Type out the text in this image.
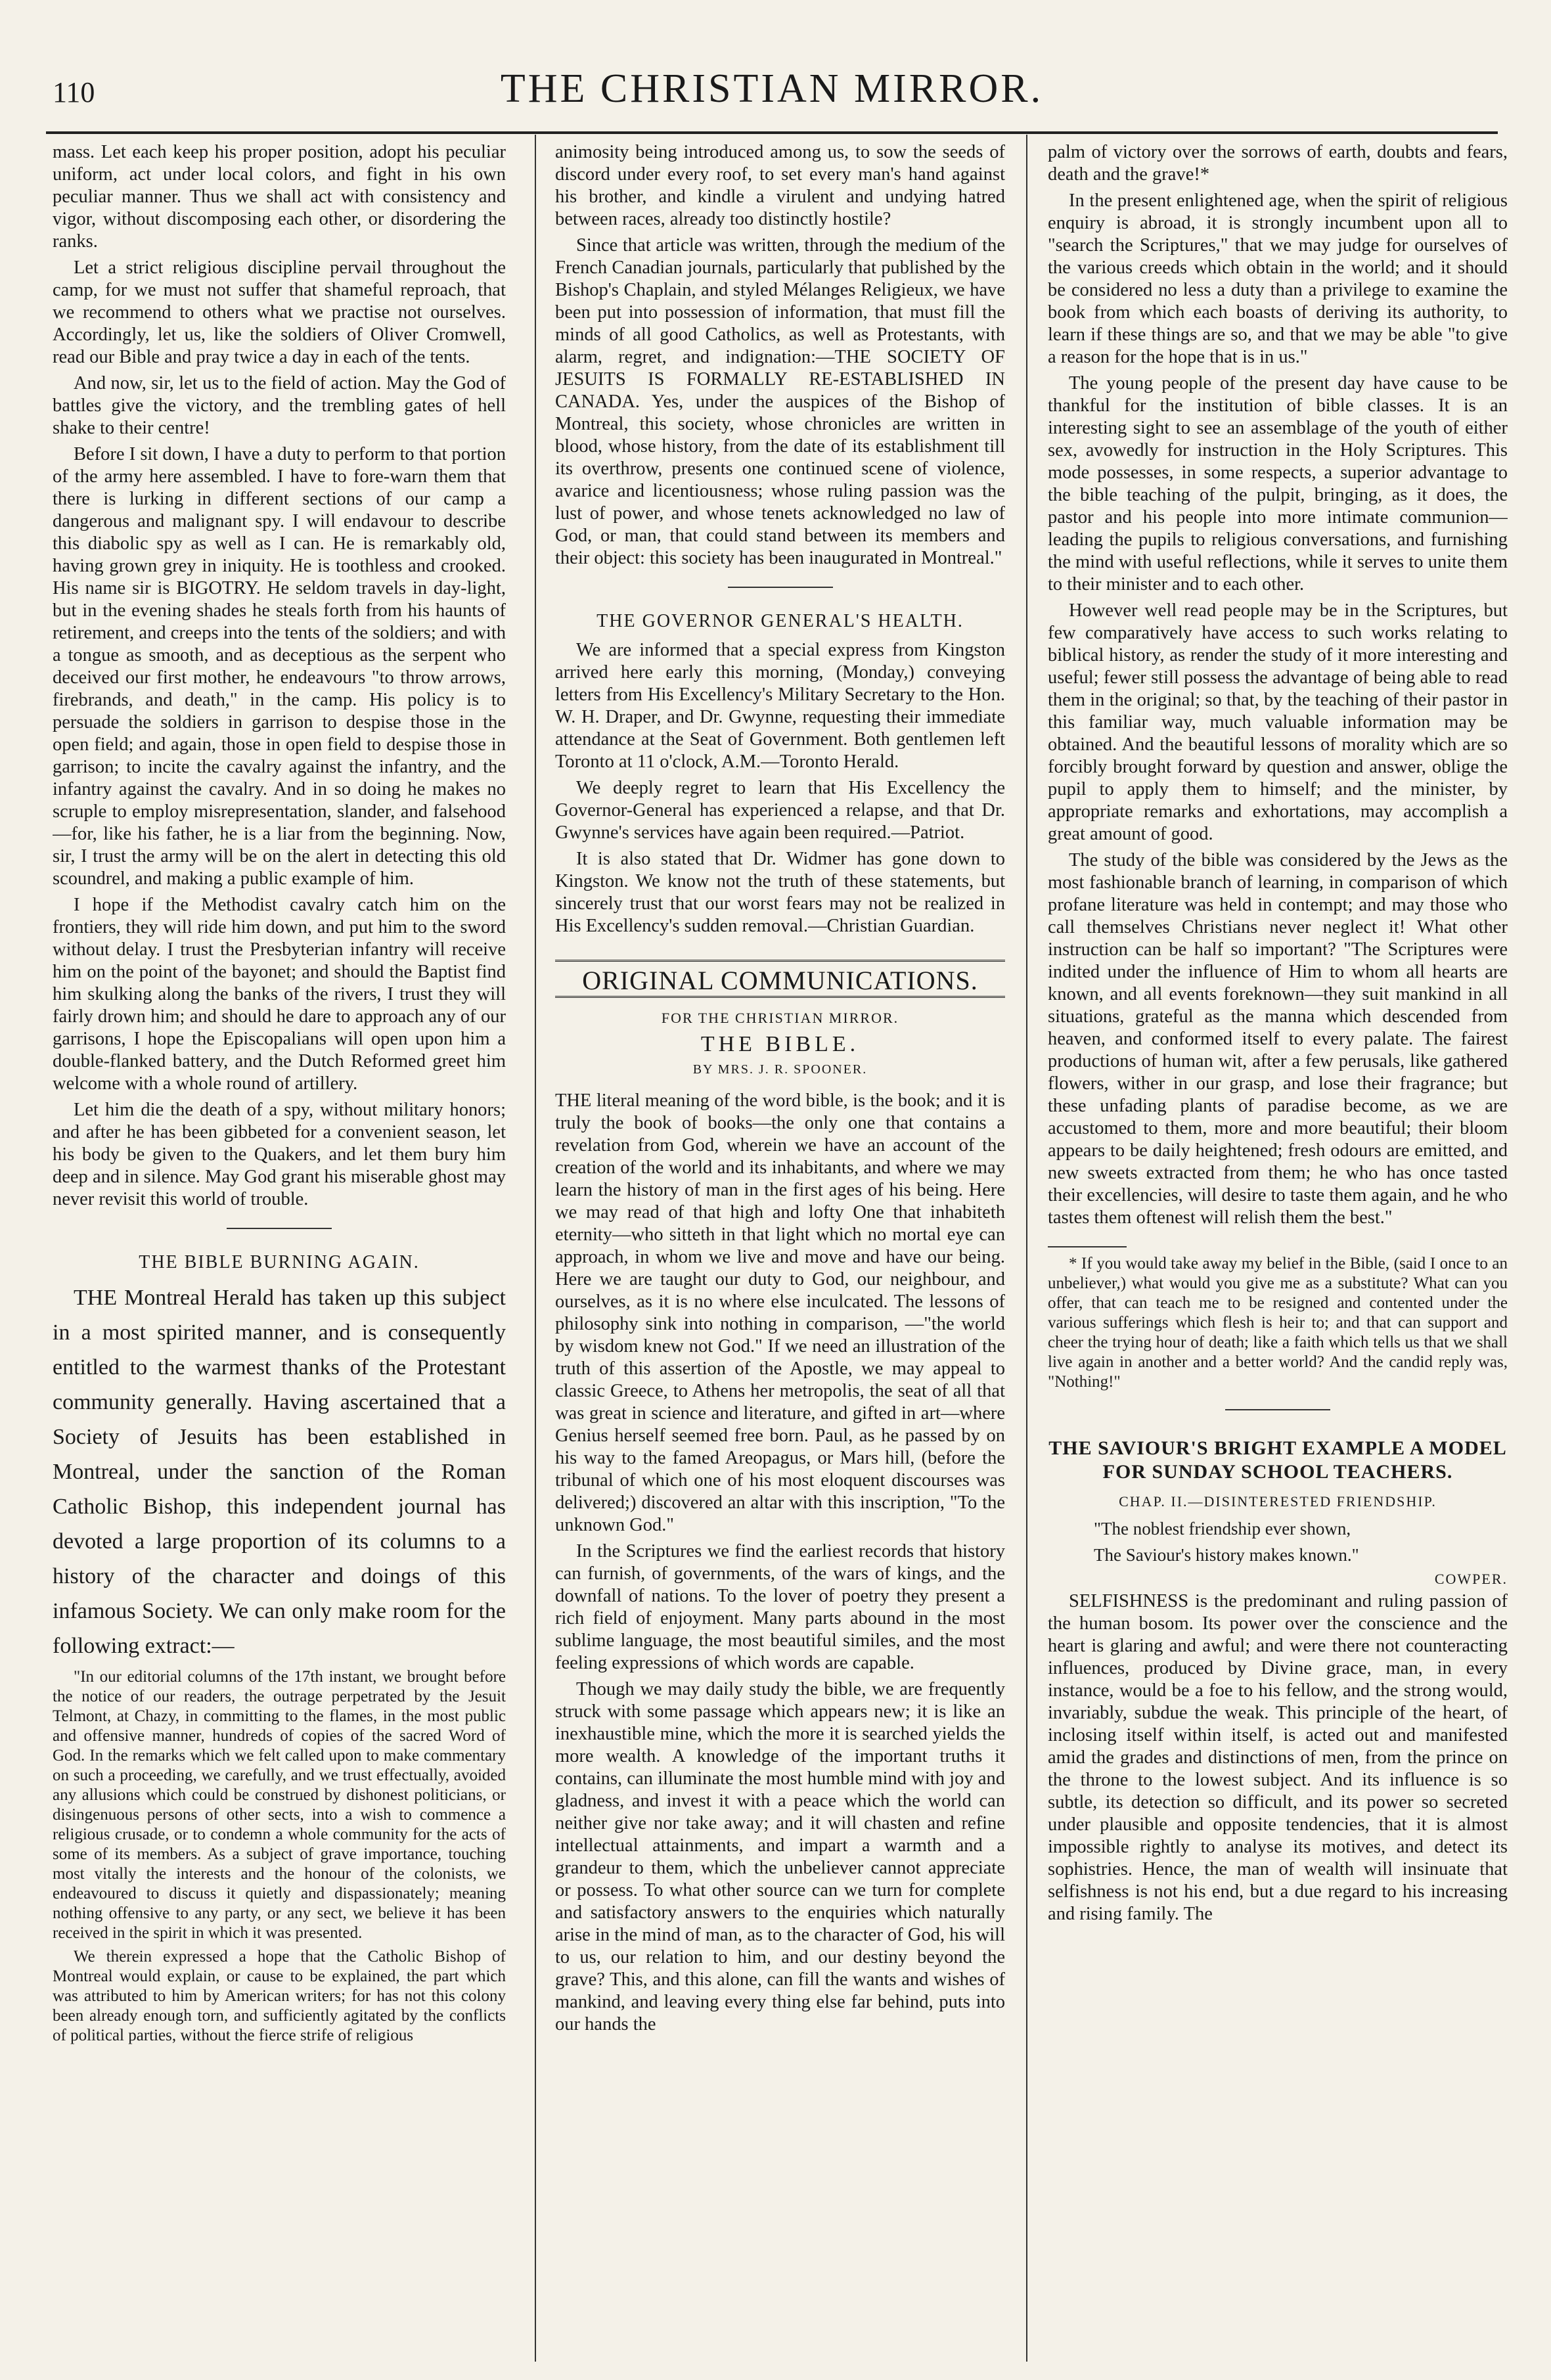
110	THE CHRISTIAN MIRROR.

mass. Let each keep his proper position, adopt his peculiar uniform, act under local colors, and fight in his own peculiar manner. Thus we shall act with consistency and vigor, without discomposing each other, or disordering the ranks.

Let a strict religious discipline pervail throughout the camp, for we must not suffer that shameful reproach, that we recommend to others what we practise not ourselves. Accordingly, let us, like the soldiers of Oliver Cromwell, read our Bible and pray twice a day in each of the tents.

And now, sir, let us to the field of action. May the God of battles give the victory, and the trembling gates of hell shake to their centre!

Before I sit down, I have a duty to perform to that portion of the army here assembled. I have to fore-warn them that there is lurking in different sections of our camp a dangerous and malignant spy. I will endavour to describe this diabolic spy as well as I can. He is remarkably old, having grown grey in iniquity. He is toothless and crooked. His name sir is BIGOTRY. He seldom travels in day-light, but in the evening shades he steals forth from his haunts of retirement, and creeps into the tents of the soldiers; and with a tongue as smooth, and as deceptious as the serpent who deceived our first mother, he endeavours "to throw arrows, firebrands, and death," in the camp. His policy is to persuade the soldiers in garrison to despise those in the open field; and again, those in open field to despise those in garrison; to incite the cavalry against the infantry, and the infantry against the cavalry. And in so doing he makes no scruple to employ misrepresentation, slander, and falsehood—for, like his father, he is a liar from the beginning. Now, sir, I trust the army will be on the alert in detecting this old scoundrel, and making a public example of him.

I hope if the Methodist cavalry catch him on the frontiers, they will ride him down, and put him to the sword without delay. I trust the Presbyterian infantry will receive him on the point of the bayonet; and should the Baptist find him skulking along the banks of the rivers, I trust they will fairly drown him; and should he dare to approach any of our garrisons, I hope the Episcopalians will open upon him a double-flanked battery, and the Dutch Reformed greet him welcome with a whole round of artillery.

Let him die the death of a spy, without military honors; and after he has been gibbeted for a convenient season, let his body be given to the Quakers, and let them bury him deep and in silence. May God grant his miserable ghost may never revisit this world of trouble.

THE BIBLE BURNING AGAIN.

THE Montreal Herald has taken up this subject in a most spirited manner, and is consequently entitled to the warmest thanks of the Protestant community generally. Having ascertained that a Society of Jesuits has been established in Montreal, under the sanction of the Roman Catholic Bishop, this independent journal has devoted a large proportion of its columns to a history of the character and doings of this infamous Society. We can only make room for the following extract:—

"In our editorial columns of the 17th instant, we brought before the notice of our readers, the outrage perpetrated by the Jesuit Telmont, at Chazy, in committing to the flames, in the most public and offensive manner, hundreds of copies of the sacred Word of God. In the remarks which we felt called upon to make commentary on such a proceeding, we carefully, and we trust effectually, avoided any allusions which could be construed by dishonest politicians, or disingenuous persons of other sects, into a wish to commence a religious crusade, or to condemn a whole community for the acts of some of its members. As a subject of grave importance, touching most vitally the interests and the honour of the colonists, we endeavoured to discuss it quietly and dispassionately; meaning nothing offensive to any party, or any sect, we believe it has been received in the spirit in which it was presented.

We therein expressed a hope that the Catholic Bishop of Montreal would explain, or cause to be explained, the part which was attributed to him by American writers; for has not this colony been already enough torn, and sufficiently agitated by the conflicts of political parties, without the fierce strife of religious

animosity being introduced among us, to sow the seeds of discord under every roof, to set every man's hand against his brother, and kindle a virulent and undying hatred between races, already too distinctly hostile?

Since that article was written, through the medium of the French Canadian journals, particularly that published by the Bishop's Chaplain, and styled Mélanges Religieux, we have been put into possession of information, that must fill the minds of all good Catholics, as well as Protestants, with alarm, regret, and indignation:—THE SOCIETY OF JESUITS IS FORMALLY RE-ESTABLISHED IN CANADA. Yes, under the auspices of the Bishop of Montreal, this society, whose chronicles are written in blood, whose history, from the date of its establishment till its overthrow, presents one continued scene of violence, avarice and licentiousness; whose ruling passion was the lust of power, and whose tenets acknowledged no law of God, or man, that could stand between its members and their object: this society has been inaugurated in Montreal."

THE GOVERNOR GENERAL'S HEALTH.

We are informed that a special express from Kingston arrived here early this morning, (Monday,) conveying letters from His Excellency's Military Secretary to the Hon. W. H. Draper, and Dr. Gwynne, requesting their immediate attendance at the Seat of Government. Both gentlemen left Toronto at 11 o'clock, A.M.—Toronto Herald.

We deeply regret to learn that His Excellency the Governor-General has experienced a relapse, and that Dr. Gwynne's services have again been required.—Patriot.

It is also stated that Dr. Widmer has gone down to Kingston. We know not the truth of these statements, but sincerely trust that our worst fears may not be realized in His Excellency's sudden removal.—Christian Guardian.

ORIGINAL COMMUNICATIONS.
FOR THE CHRISTIAN MIRROR.
THE BIBLE.
BY MRS. J. R. SPOONER.

THE literal meaning of the word bible, is the book; and it is truly the book of books—the only one that contains a revelation from God, wherein we have an account of the creation of the world and its inhabitants, and where we may learn the history of man in the first ages of his being. Here we may read of that high and lofty One that inhabiteth eternity—who sitteth in that light which no mortal eye can approach, in whom we live and move and have our being. Here we are taught our duty to God, our neighbour, and ourselves, as it is no where else inculcated. The lessons of philosophy sink into nothing in comparison, —"the world by wisdom knew not God." If we need an illustration of the truth of this assertion of the Apostle, we may appeal to classic Greece, to Athens her metropolis, the seat of all that was great in science and literature, and gifted in art—where Genius herself seemed free born. Paul, as he passed by on his way to the famed Areopagus, or Mars hill, (before the tribunal of which one of his most eloquent discourses was delivered;) discovered an altar with this inscription, "To the unknown God."

In the Scriptures we find the earliest records that history can furnish, of governments, of the wars of kings, and the downfall of nations. To the lover of poetry they present a rich field of enjoyment. Many parts abound in the most sublime language, the most beautiful similes, and the most feeling expressions of which words are capable.

Though we may daily study the bible, we are frequently struck with some passage which appears new; it is like an inexhaustible mine, which the more it is searched yields the more wealth. A knowledge of the important truths it contains, can illuminate the most humble mind with joy and gladness, and invest it with a peace which the world can neither give nor take away; and it will chasten and refine intellectual attainments, and impart a warmth and a grandeur to them, which the unbeliever cannot appreciate or possess. To what other source can we turn for complete and satisfactory answers to the enquiries which naturally arise in the mind of man, as to the character of God, his will to us, our relation to him, and our destiny beyond the grave? This, and this alone, can fill the wants and wishes of mankind, and leaving every thing else far behind, puts into our hands the

palm of victory over the sorrows of earth, doubts and fears, death and the grave!*

In the present enlightened age, when the spirit of religious enquiry is abroad, it is strongly incumbent upon all to "search the Scriptures," that we may judge for ourselves of the various creeds which obtain in the world; and it should be considered no less a duty than a privilege to examine the book from which each boasts of deriving its authority, to learn if these things are so, and that we may be able "to give a reason for the hope that is in us."

The young people of the present day have cause to be thankful for the institution of bible classes. It is an interesting sight to see an assemblage of the youth of either sex, avowedly for instruction in the Holy Scriptures. This mode possesses, in some respects, a superior advantage to the bible teaching of the pulpit, bringing, as it does, the pastor and his people into more intimate communion—leading the pupils to religious conversations, and furnishing the mind with useful reflections, while it serves to unite them to their minister and to each other.

However well read people may be in the Scriptures, but few comparatively have access to such works relating to biblical history, as render the study of it more interesting and useful; fewer still possess the advantage of being able to read them in the original; so that, by the teaching of their pastor in this familiar way, much valuable information may be obtained. And the beautiful lessons of morality which are so forcibly brought forward by question and answer, oblige the pupil to apply them to himself; and the minister, by appropriate remarks and exhortations, may accomplish a great amount of good.

The study of the bible was considered by the Jews as the most fashionable branch of learning, in comparison of which profane literature was held in contempt; and may those who call themselves Christians never neglect it! What other instruction can be half so important? "The Scriptures were indited under the influence of Him to whom all hearts are known, and all events foreknown—they suit mankind in all situations, grateful as the manna which descended from heaven, and conformed itself to every palate. The fairest productions of human wit, after a few perusals, like gathered flowers, wither in our grasp, and lose their fragrance; but these unfading plants of paradise become, as we are accustomed to them, more and more beautiful; their bloom appears to be daily heightened; fresh odours are emitted, and new sweets extracted from them; he who has once tasted their excellencies, will desire to taste them again, and he who tastes them oftenest will relish them the best."

* If you would take away my belief in the Bible, (said I once to an unbeliever,) what would you give me as a substitute? What can you offer, that can teach me to be resigned and contented under the various sufferings which flesh is heir to; and that can support and cheer the trying hour of death; like a faith which tells us that we shall live again in another and a better world? And the candid reply was, "Nothing!"

THE SAVIOUR'S BRIGHT EXAMPLE A MODEL FOR SUNDAY SCHOOL TEACHERS.
CHAP. II.—DISINTERESTED FRIENDSHIP.
"The noblest friendship ever shown,
The Saviour's history makes known."
COWPER.

SELFISHNESS is the predominant and ruling passion of the human bosom. Its power over the conscience and the heart is glaring and awful; and were there not counteracting influences, produced by Divine grace, man, in every instance, would be a foe to his fellow, and the strong would, invariably, subdue the weak. This principle of the heart, of inclosing itself within itself, is acted out and manifested amid the grades and distinctions of men, from the prince on the throne to the lowest subject. And its influence is so subtle, its detection so difficult, and its power so secreted under plausible and opposite tendencies, that it is almost impossible rightly to analyse its motives, and detect its sophistries. Hence, the man of wealth will insinuate that selfishness is not his end, but a due regard to his increasing and rising family. The
